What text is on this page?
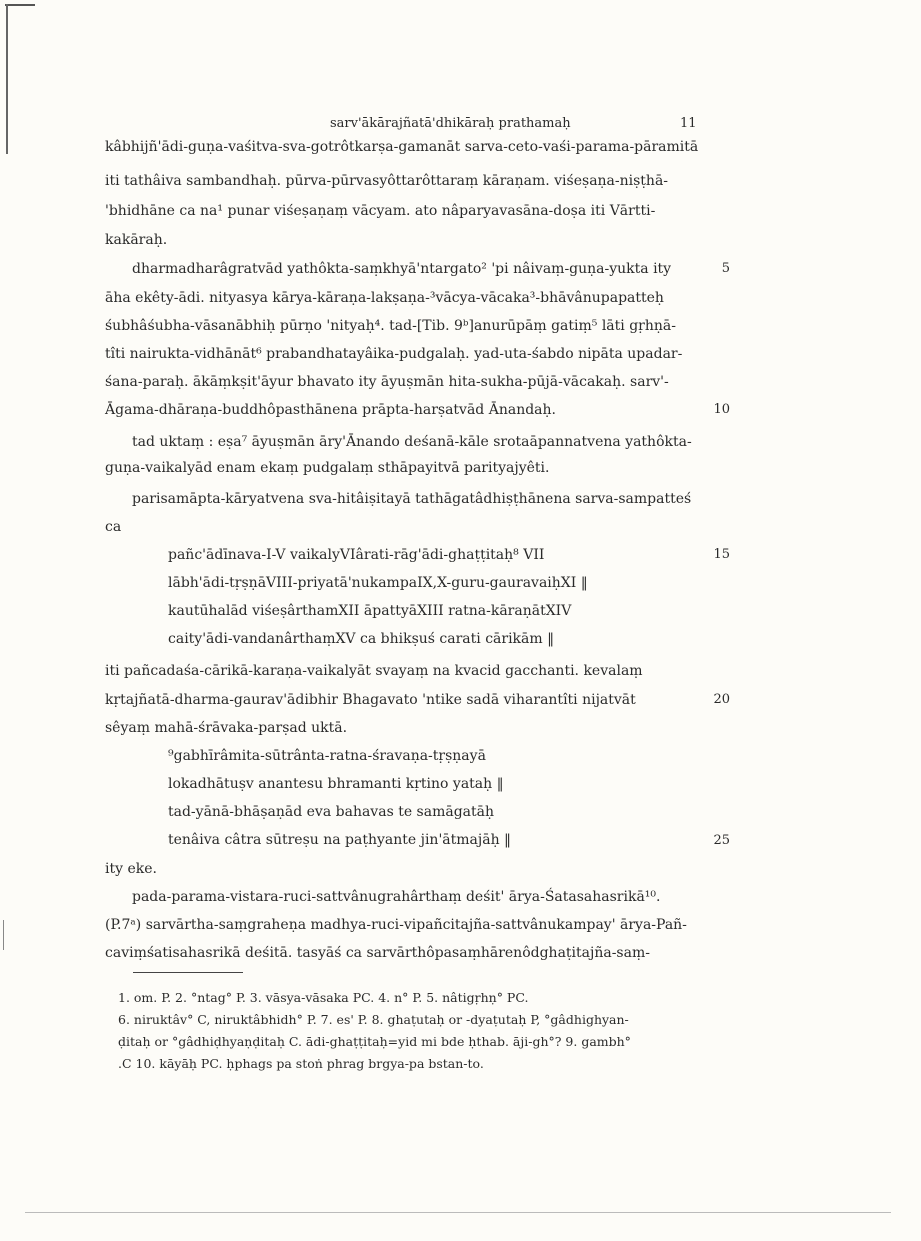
sarv'ākārajñatā'dhikāraḥ prathamaḥ	11
kâbhijñ'ādi-guṇa-vaśitva-sva-gotrôtkarṣa-gamanāt sarva-ceto-vaśi-parama-pāramitā
iti tathâiva sambandhaḥ. pūrva-pūrvasyôttarôttaraṃ kāraṇam. viśeṣaṇa-niṣṭhā-
'bhidhāne ca na¹ punar viśeṣaṇaṃ vācyam. ato nâparyavasāna-doṣa iti Vārtti-
kakāraḥ.
dharmadharâgratvād yathôkta-saṃkhyā'ntargato² 'pi nâivaṃ-guṇa-yukta ity	5
āha ekêty-ādi. nityasya kārya-kāraṇa-lakṣaṇa-³vācya-vācaka³-bhāvânupapatteḥ
śubhâśubha-vāsanābhiḥ pūrṇo 'nityaḥ⁴. tad-[Tib. 9ᵇ]anurūpāṃ gatiṃ⁵ lāti gṛhṇā-
tîti nairukta-vidhānāt⁶ prabandhatayâika-pudgalaḥ. yad-uta-śabdo nipāta upadar-
śana-paraḥ. ākāṃkṣit'āyur bhavato ity āyuṣmān hita-sukha-pūjā-vācakaḥ. sarv'-
Āgama-dhāraṇa-buddhôpasthānena prāpta-harṣatvād Ānandaḥ.	10
tad uktaṃ : eṣa⁷ āyuṣmān āry'Ānando deśanā-kāle srotaāpannatvena yathôkta-
guṇa-vaikalyād enam ekaṃ pudgalaṃ sthāpayitvā parityajyêti.
parisamāpta-kāryatvena sva-hitâiṣitayā tathāgatâdhiṣṭhānena sarva-sampatteś
ca
pañc'ādīnava-I-V vaikalyVIârati-rāg'ādi-ghaṭṭitaḥ⁸ VII	15
lābh'ādi-tṛṣṇāVIII-priyatā'nukampaIX,X-guru-gauravaiḥXI ‖
kautūhalād viśeṣârthamXII āpattyāXIII ratna-kāraṇātXIV
caity'ādi-vandanârthaṃXV ca bhikṣuś carati cārikām ‖
iti pañcadaśa-cārikā-karaṇa-vaikalyāt svayaṃ na kvacid gacchanti. kevalaṃ
kṛtajñatā-dharma-gaurav'ādibhir Bhagavato 'ntike sadā viharantîti nijatvāt	20
sêyaṃ mahā-śrāvaka-parṣad uktā.
⁹gabhīrâmita-sūtrânta-ratna-śravaṇa-tṛṣṇayā
lokadhātuṣv anantesu bhramanti kṛtino yataḥ ‖
tad-yānā-bhāṣaṇād eva bahavas te samāgatāḥ
tenâiva câtra sūtreṣu na paṭhyante jin'ātmajāḥ ‖	25
ity eke.
pada-parama-vistara-ruci-sattvânugrahârthaṃ deśit' ārya-Śatasahasrikā¹⁰.
(P.7ᵃ) sarvārtha-saṃgraheṇa madhya-ruci-vipañcitajña-sattvânukampay' ārya-Pañ-
caviṃśatisahasrikā deśitā. tasyāś ca sarvārthôpasaṃhārenôdghaṭitajña-saṃ-
1. om. P. 2. °ntag° P. 3. vāsya-vāsaka PC. 4. n° P. 5. nâtigṛhṇ° PC.
6. niruktâv° C, niruktâbhidh° P. 7. es' P. 8. ghaṭutaḥ or -dyaṭutaḥ P, °gâdhighyan-
ḍitaḥ or °gâdhiḍhyaṇḍitaḥ C. ādi-ghaṭṭitaḥ=yid mi bde ḥthab. āji-gh°? 9. gambh°
.C 10. kāyāḥ PC. ḥphags pa stoṅ phrag brgya-pa bstan-to.
